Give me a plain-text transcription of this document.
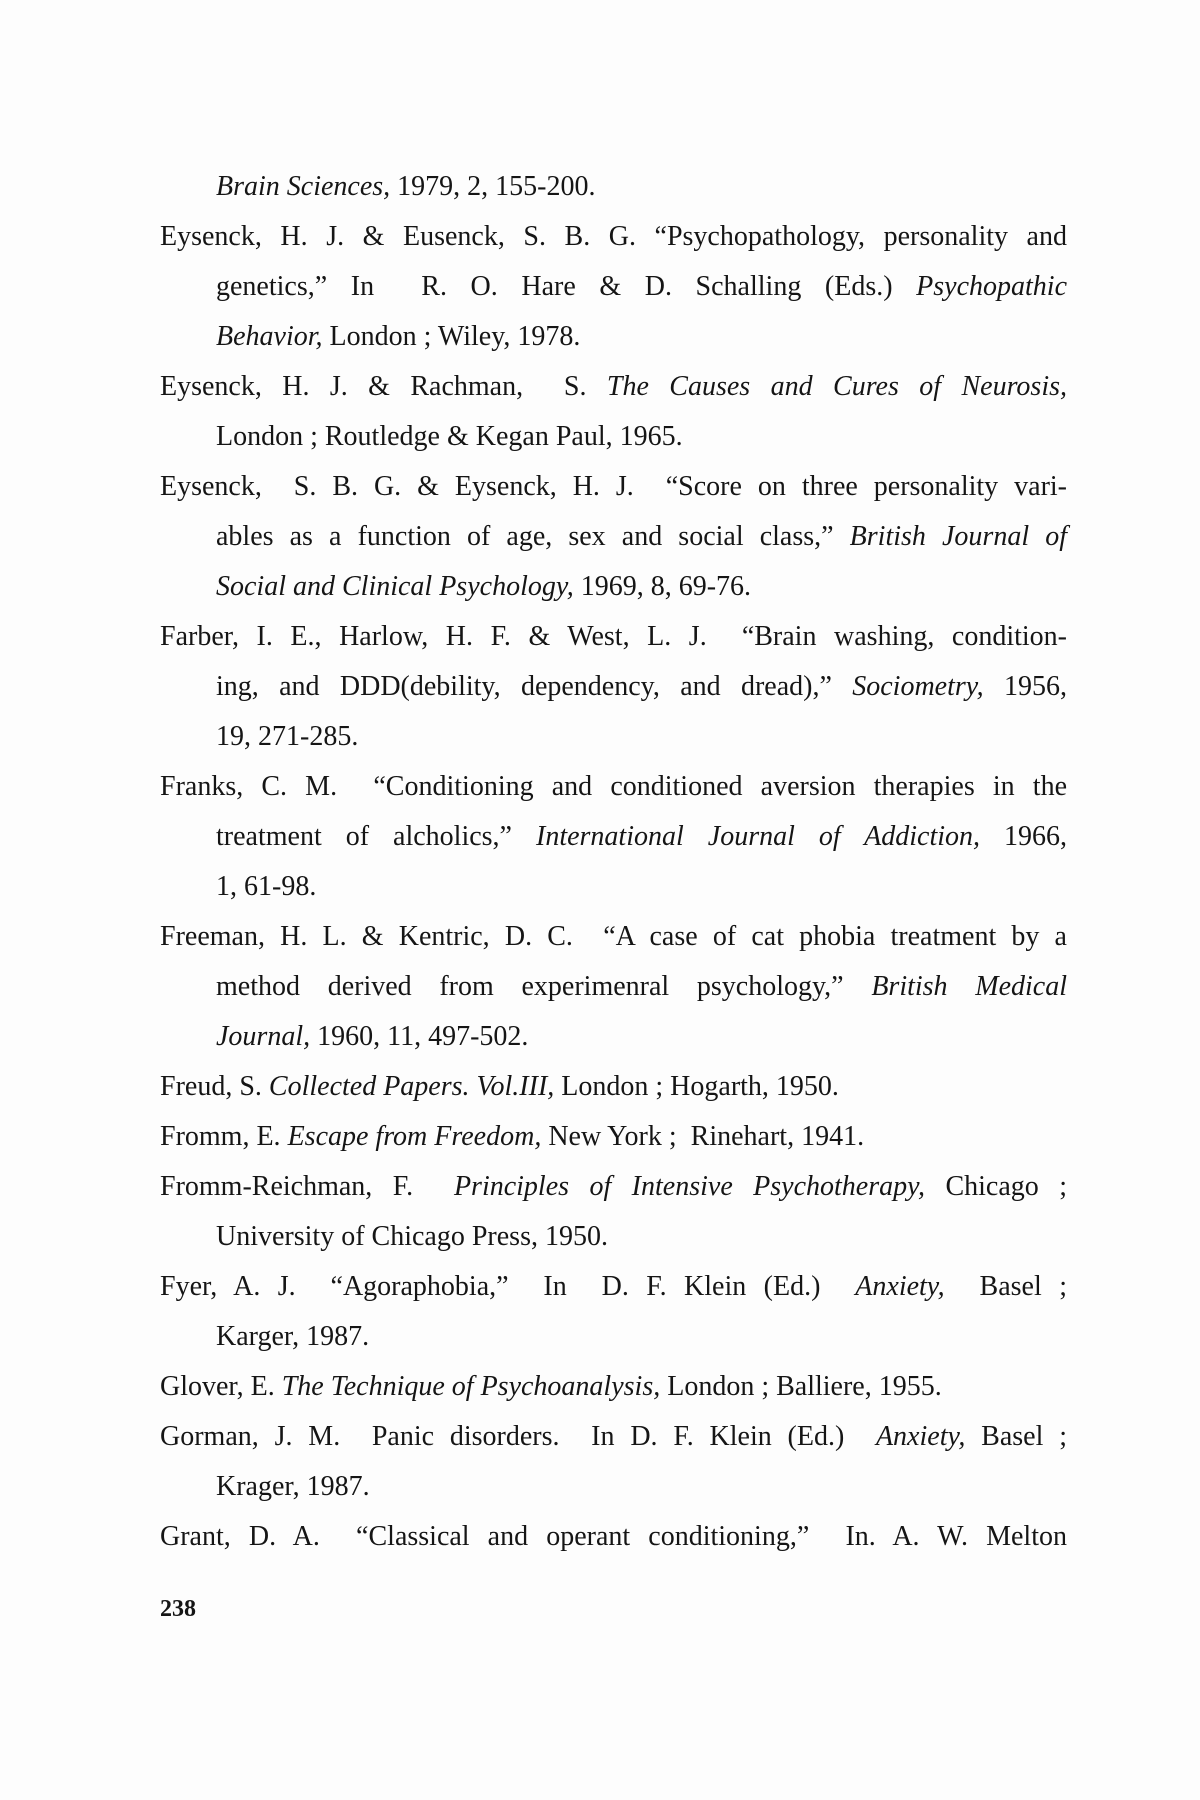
Brain Sciences, 1979, 2, 155-200.
Eysenck, H. J. & Eusenck, S. B. G. “Psychopathology, personality and
genetics,” In  R. O. Hare & D. Schalling (Eds.) Psychopathic
Behavior, London ; Wiley, 1978.
Eysenck, H. J. & Rachman,  S. The Causes and Cures of Neurosis,
London ; Routledge & Kegan Paul, 1965.
Eysenck,  S. B. G. & Eysenck, H. J.  “Score on three personality vari-
ables as a function of age, sex and social class,” British Journal of
Social and Clinical Psychology, 1969, 8, 69-76.
Farber, I. E., Harlow, H. F. & West, L. J.  “Brain washing, condition-
ing, and DDD(debility, dependency, and dread),” Sociometry, 1956,
19, 271-285.
Franks, C. M.  “Conditioning and conditioned aversion therapies in the
treatment of alcholics,” International Journal of Addiction, 1966,
1, 61-98.
Freeman, H. L. & Kentric, D. C.  “A case of cat phobia treatment by a
method derived from experimenral psychology,” British Medical
Journal, 1960, 11, 497-502.
Freud, S. Collected Papers. Vol.III, London ; Hogarth, 1950.
Fromm, E. Escape from Freedom, New York ;  Rinehart, 1941.
Fromm-Reichman, F.  Principles of Intensive Psychotherapy, Chicago ;
University of Chicago Press, 1950.
Fyer, A. J.  “Agoraphobia,”  In  D. F. Klein (Ed.)  Anxiety,  Basel ;
Karger, 1987.
Glover, E. The Technique of Psychoanalysis, London ; Balliere, 1955.
Gorman, J. M.  Panic disorders.  In D. F. Klein (Ed.)  Anxiety, Basel ;
Krager, 1987.
Grant, D. A.  “Classical and operant conditioning,”  In. A. W. Melton
238
